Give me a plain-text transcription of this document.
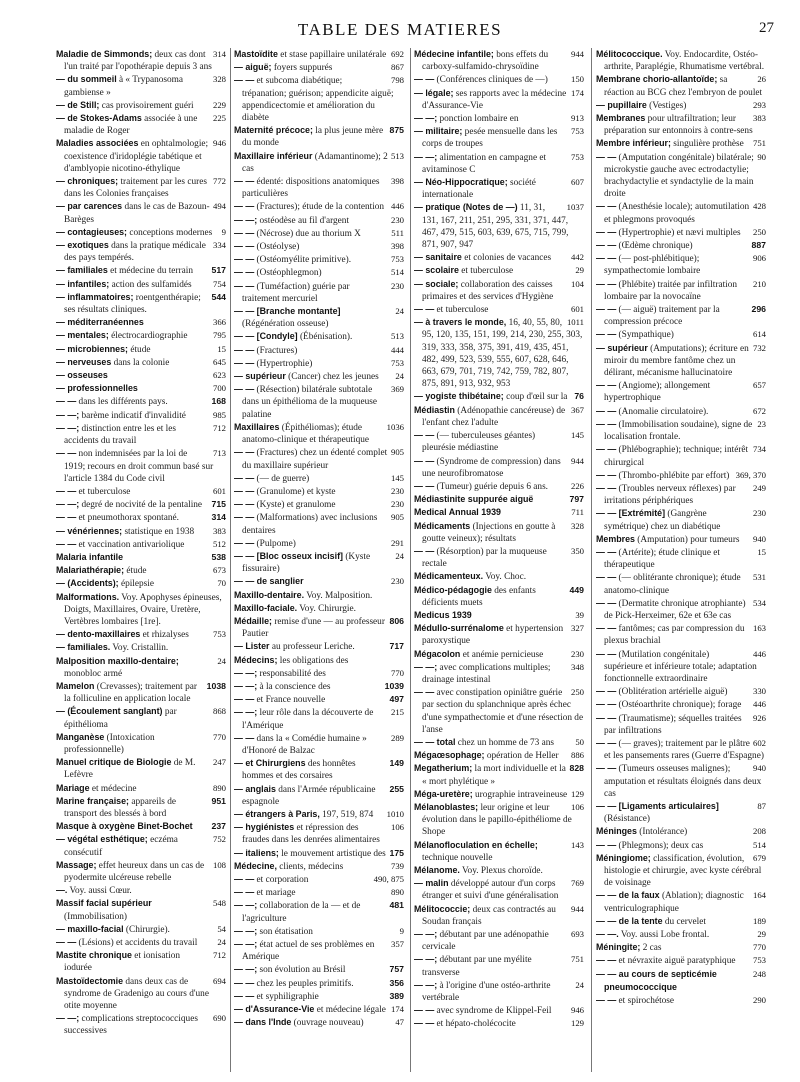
TABLE DES MATIERES	27

314
Maladie de Simmonds; deux cas dont l'un traité par l'opothérapie depuis 3 ans

328
— du sommeil à « Trypanosoma gambiense »

229
— de Still; cas provisoirement guéri

225
— de Stokes-Adams associée à une maladie de Roger

946
Maladies associées en ophtalmologie; coexistence d'iridoplégie tabétique et d'amblyopie nicotino-éthylique

772
— chroniques; traitement par les cures dans les Colonies françaises

494
— par carences dans le cas de Bazoun-Barèges

9
— contagieuses; conceptions modernes

334
— exotiques dans la pratique médicale des pays tempérés.

517
— familiales et médecine du terrain

754
— infantiles; action des sulfamidés

544
— inflammatoires; roentgenthérapie; ses résultats cliniques.

366
— méditerranéennes

795
— mentales; électrocardiographie

15
— microbiennes; étude

645
— nerveuses dans la colonie

623
— osseuses

700
— professionnelles

168
— — dans les différents pays.

985
— —; barème indicatif d'invalidité

712
— —; distinction entre les et les accidents du travail

713
— — non indemnisées par la loi de 1919; recours en droit commun basé sur l'article 1384 du Code civil

601
— — et tuberculose

715
— —; degré de nocivité de la pentaline

314
— — et pneumothorax spontané.

383
— vénériennes; statistique en 1938

512
— — et vaccination antivariolique

538
Malaria infantile

673
Malariathérapie; étude

70
— (Accidents); épilepsie

Malformations. Voy. Apophyses épineuses, Doigts, Maxillaires, Ovaire, Uretère, Vertèbres lombaires [1re].

753
— dento-maxillaires et rhizalyses

— familiales. Voy. Cristallin.

24
Malposition maxillo-dentaire; monobloc armé

1038
Mamelon (Crevasses); traitement par la folliculine en application locale

868
— (Écoulement sanglant) par épithélioma

770
Manganèse (Intoxication professionnelle)

247
Manuel critique de Biologie de M. Lefèvre

890
Mariage et médecine

951
Marine française; appareils de transport des blessés à bord

237
Masque à oxygène Binet-Bochet

752
— végétal esthétique; eczéma consécutif

108
Massage; effet heureux dans un cas de pyodermite ulcéreuse rebelle

—. Voy. aussi Cœur.

548
Massif facial supérieur (Immobilisation)

54
— maxillo-facial (Chirurgie).

24
— — (Lésions) et accidents du travail

712
Mastite chronique et ionisation iodurée

694
Mastoïdectomie dans deux cas de syndrome de Gradenigo au cours d'une otite moyenne

690
— —; complications streptococciques successives

692
Mastoïdite et stase papillaire unilatérale

867
— aiguë; foyers suppurés

798
— — et subcoma diabétique; trépanation; guérison; appendicite aiguë; appendicectomie et amélioration du diabète

875
Maternité précoce; la plus jeune mère du monde

513
Maxillaire inférieur (Adamantinome); 2 cas

398
— — édenté: dispositions anatomiques particulières

446
— — (Fractures); étude de la contention

230
— —; ostéodèse au fil d'argent

511
— — (Nécrose) due au thorium X

398
— — (Ostéolyse)

753
— — (Ostéomyélite primitive).

514
— — (Ostéophlegmon)

230
— — (Tuméfaction) guérie par traitement mercuriel

24
— — [Branche montante] (Régénération osseuse)

513
— — [Condyle] (Ébénisation).

444
— — (Fractures)

753
— — (Hypertrophie)

24
— supérieur (Cancer) chez les jeunes

369
— — (Résection) bilatérale subtotale dans un épithélioma de la muqueuse palatine

1036
Maxillaires (Épithéliomas); étude anatomo-clinique et thérapeutique

905
— — (Fractures) chez un édenté complet du maxillaire supérieur

145
— — (— de guerre)

230
— — (Granulome) et kyste

230
— — (Kyste) et granulome

905
— — (Malformations) avec inclusions dentaires

291
— — (Pulpome)

24
— — [Bloc osseux incisif] (Kyste fissuraire)

230
— — de sanglier

Maxillo-dentaire. Voy. Malposition.

Maxillo-faciale. Voy. Chirurgie.

806
Médaille; remise d'une — au professeur Pautier

717
— Lister au professeur Leriche.

Médecins; les obligations des

770
— —; responsabilité des

1039
— —; à la conscience des

497
— — et France nouvelle

215
— —; leur rôle dans la découverte de l'Amérique

289
— — dans la « Comédie humaine » d'Honoré de Balzac

149
— et Chirurgiens des honnêtes hommes et des corsaires

255
— anglais dans l'Armée républicaine espagnole

1010
— étrangers à Paris, 197, 519, 874

106
— hygiénistes et répression des fraudes dans les denrées alimentaires

175
— italiens; le mouvement artistique des

739
Médecine, clients, médecins

490, 875
— — et corporation

890
— — et mariage

481
— —; collaboration de la — et de l'agriculture

9
— —; son étatisation

357
— —; état actuel de ses problèmes en Amérique

757
— —; son évolution au Brésil

356
— — chez les peuples primitifs.

389
— — et syphiligraphie

174
— d'Assurance-Vie et médecine légale

47
— dans l'Inde (ouvrage nouveau)

944
Médecine infantile; bons effets du carboxy-sulfamido-chrysoïdine

150
— — (Conférences cliniques de —)

174
— légale; ses rapports avec la médecine d'Assurance-Vie

913
— —; ponction lombaire en

753
— militaire; pesée mensuelle dans les corps de troupes

753
— —; alimentation en campagne et avitaminose C

607
— Néo-Hippocratique; société internationale

1037
— pratique (Notes de —) 11, 31, 131, 167, 211, 251, 295, 331, 371, 447, 467, 479, 515, 603, 639, 675, 715, 799, 871, 907, 947

442
— sanitaire et colonies de vacances

29
— scolaire et tuberculose

104
— sociale; collaboration des caisses primaires et des services d'Hygiène

601
— — et tuberculose

1011
— à travers le monde, 16, 40, 55, 80, 95, 120, 135, 151, 199, 214, 230, 255, 303, 319, 333, 358, 375, 391, 419, 435, 451, 482, 499, 523, 539, 555, 607, 628, 646, 663, 679, 701, 719, 742, 759, 782, 807, 875, 891, 913, 932, 953

76
— yogiste thibétaine; coup d'œil sur la

367
Médiastin (Adénopathie cancéreuse) de l'enfant chez l'adulte

145
— — (— tuberculeuses géantes) pleurésie médiastine

944
— — (Syndrome de compression) dans une neurofibromatose

226
— — (Tumeur) guérie depuis 6 ans.

797
Médiastinite suppurée aiguë

711
Medical Annual 1939

328
Médicaments (Injections en goutte à goutte veineux); résultats

350
— — (Résorption) par la muqueuse rectale

Médicamenteux. Voy. Choc.

449
Médico-pédagogie des enfants déficients muets

39
Medicus 1939

327
Médullo-surrénalome et hypertension paroxystique

230
Mégacolon et anémie pernicieuse

348
— —; avec complications multiples; drainage intestinal

250
— — avec constipation opiniâtre guérie par section du splanchnique après échec d'une sympathectomie et d'une résection de l'anse

50
— — total chez un homme de 73 ans

886
Mégaœsophage; opération de Heller

828
Megatherium; la mort individuelle et la « mort phylétique »

129
Méga-uretère; urographie intraveineuse

106
Mélanoblastes; leur origine et leur évolution dans le papillo-épithéliome de Shope

143
Mélanofloculation en échelle; technique nouvelle

Mélanome. Voy. Plexus choroïde.

769
— malin développé autour d'un corps étranger et suivi d'une généralisation

944
Mélitococcie; deux cas contractés au Soudan français

693
— —; débutant par une adénopathie cervicale

751
— —; débutant par une myélite transverse

24
— —; à l'origine d'une ostéo-arthrite vertébrale

946
— — avec syndrome de Klippel-Feil

129
— — et hépato-cholécocite

Mélitococcique. Voy. Endocardite, Ostéo-arthrite, Paraplégie, Rhumatisme vertébral.

26
Membrane chorio-allantoïde; sa réaction au BCG chez l'embryon de poulet

293
— pupillaire (Vestiges)

383
Membranes pour ultrafiltration; leur préparation sur entonnoirs à contre-sens

751
Membre inférieur; singulière prothèse

90
— — (Amputation congénitale) bilatérale; microkystie gauche avec ectrodactylie; brachydactylie et syndactylie de la main droite

428
— — (Anesthésie locale); automutilation et phlegmons provoqués

250
— — (Hypertrophie) et nævi multiples

887
— — (Œdème chronique)

906
— — (— post-phlébitique); sympathectomie lombaire

210
— — (Phlébite) traitée par infiltration lombaire par la novocaïne

296
— — (— aiguë) traitement par la compression précoce

614
— — (Sympathique)

732
— supérieur (Amputations); écriture en miroir du membre fantôme chez un délirant, mécanisme hallucinatoire

657
— — (Angiome); allongement hypertrophique

672
— — (Anomalie circulatoire).

23
— — (Immobilisation soudaine), signe de localisation frontale.

734
— — (Phlébographie); technique; intérêt chirurgical

369, 370
— — (Thrombo-phlébite par effort)

249
— — (Troubles nerveux réflexes) par irritations périphériques

230
— — [Extrémité] (Gangrène symétrique) chez un diabétique

940
Membres (Amputation) pour tumeurs

15
— — (Artérite); étude clinique et thérapeutique

531
— — (— oblitérante chronique); étude anatomo-clinique

534
— — (Dermatite chronique atrophiante) de Pick-Herxeimer, 62e et 63e cas

163
— — fantômes; cas par compression du plexus brachial

446
— — (Mutilation congénitale) supérieure et inférieure totale; adaptation fonctionnelle extraordinaire

330
— — (Oblitération artérielle aiguë)

446
— — (Ostéoarthrite chronique); forage

926
— — (Traumatisme); séquelles traitées par infiltrations

602
— — (— graves); traitement par le plâtre et les pansements rares (Guerre d'Espagne)

940
— — (Tumeurs osseuses malignes); amputation et résultats éloignés dans deux cas

87
— — [Ligaments articulaires] (Résistance)

208
Méninges (Intolérance)

514
— — (Phlegmons); deux cas

679
Méningiome; classification, évolution, histologie et chirurgie, avec kyste cérébral de voisinage

164
— — de la faux (Ablation); diagnostic ventriculographique

189
— — de la tente du cervelet

29
— —. Voy. aussi Lobe frontal.

770
Méningite; 2 cas

753
— — et névraxite aiguë paratyphique

248
— — au cours de septicémie pneumococcique

290
— — et spirochétose
